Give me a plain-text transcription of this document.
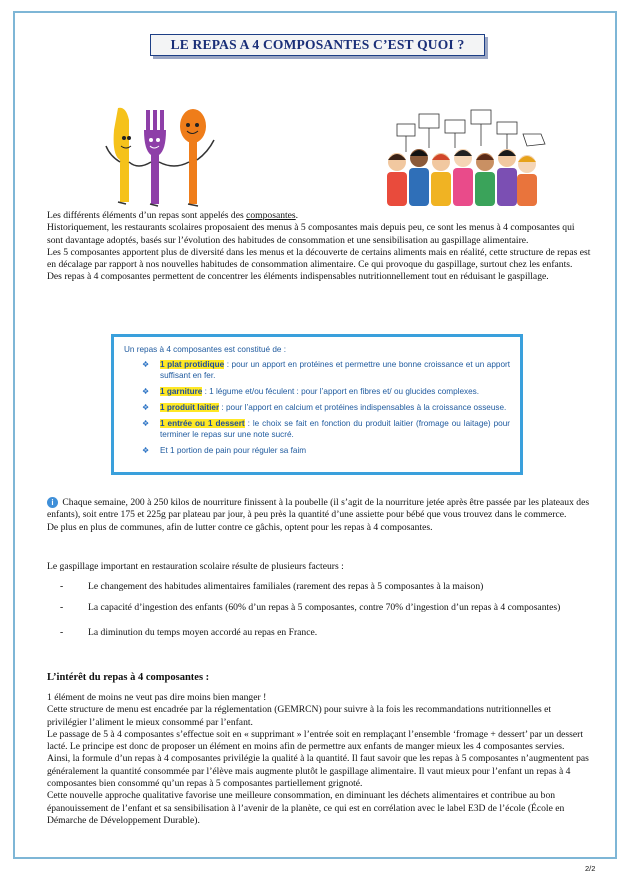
LE REPAS A 4 COMPOSANTES C’EST QUOI ?

Les différents éléments d’un repas sont appelés des composantes.

Historiquement, les restaurants scolaires proposaient des menus à 5 composantes mais depuis peu, ce sont les menus à 4 composantes qui sont davantage adoptés, basés sur l’évolution des habitudes de consommation et une sensibilisation au gaspillage alimentaire.

Les 5 composantes apportent plus de diversité dans les menus et la découverte de certains aliments mais en réalité, cette structure de repas est en décalage par rapport à nos nouvelles habitudes de consommation alimentaire. Ce qui provoque du gaspillage, surtout chez les enfants.

Des repas à 4 composantes permettent de concentrer les éléments indispensables nutritionnellement tout en réduisant le gaspillage.

Un repas à 4 composantes est constitué de :

❖ 1 plat protidique : pour un apport en protéines et permettre une bonne croissance et un apport suffisant en fer.
❖ 1 garniture : 1 légume et/ou féculent : pour l’apport en fibres et/ ou glucides complexes.
❖ 1 produit laitier : pour l’apport en calcium et protéines indispensables à la croissance osseuse.
❖ 1 entrée ou 1 dessert : le choix se fait en fonction du produit laitier (fromage ou laitage) pour terminer le repas sur une note sucré.
❖ Et 1 portion de pain pour réguler sa faim

i Chaque semaine, 200 à 250 kilos de nourriture finissent à la poubelle (il s’agit de la nourriture jetée après être passée par les plateaux des enfants), soit entre 175 et 225g par plateau par jour, à peu près la quantité d’une assiette pour bébé que vous trouvez dans le commerce.

De plus en plus de communes, afin de lutter contre ce gâchis, optent pour les repas à 4 composantes.

Le gaspillage important en restauration scolaire résulte de plusieurs facteurs :

-	Le changement des habitudes alimentaires familiales (rarement des repas à 5 composantes à la maison)
-	La capacité d’ingestion des enfants (60% d’un repas à 5 composantes, contre 70% d’ingestion d’un repas à 4 composantes)
-	La diminution du temps moyen accordé au repas en France.
L’intérêt du repas à 4 composantes :

1 élément de moins ne veut pas dire moins bien manger !

Cette structure de menu est encadrée par la réglementation (GEMRCN) pour suivre à la fois les recommandations nutritionnelles et privilégier l’aliment le mieux consommé par l’enfant.

Le passage de 5 à 4 composantes s’effectue soit en « supprimant » l’entrée soit en remplaçant l’ensemble ‘fromage + dessert’ par un dessert lacté. Le principe est donc de proposer un élément en moins afin de permettre aux enfants de manger mieux les 4 composantes servies.

Ainsi, la formule d’un repas à 4 composantes privilégie la qualité à la quantité. Il faut savoir que les repas à 5 composantes n’augmentent pas généralement la quantité consommée par l’élève mais augmente plutôt le gaspillage alimentaire. Il vaut mieux pour l’enfant un repas à 4 composantes bien consommé qu’un repas à 5 composantes partiellement grignoté.

Cette nouvelle approche qualitative favorise une meilleure consommation, en diminuant les déchets alimentaires et contribue au bon épanouissement de l’enfant et sa sensibilisation à l’avenir de la planète, ce qui est en corrélation avec le label E3D de l’école (École en Démarche de Développement Durable).

2/2
